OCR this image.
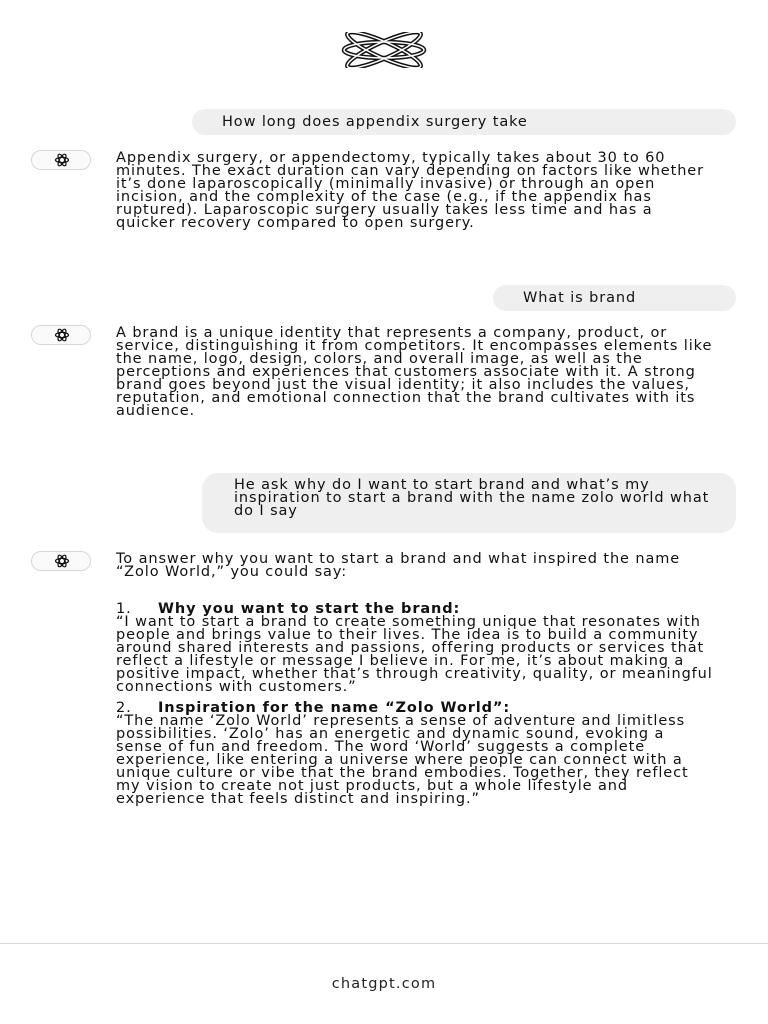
How long does appendix surgery take
Appendix surgery, or appendectomy, typically takes about 30 to 60 minutes. The exact duration can vary depending on factors like whether it’s done laparoscopically (minimally invasive) or through an open incision, and the complexity of the case (e.g., if the appendix has ruptured). Laparoscopic surgery usually takes less time and has a quicker recovery compared to open surgery.
What is brand
A brand is a unique identity that represents a company, product, or service, distinguishing it from competitors. It encompasses elements like the name, logo, design, colors, and overall image, as well as the perceptions and experiences that customers associate with it. A strong brand goes beyond just the visual identity; it also includes the values, reputation, and emotional connection that the brand cultivates with its audience.
He ask why do I want to start brand and what’s my inspiration to start a brand with the name zolo world what do I say

To answer why you want to start a brand and what inspired the name “Zolo World,” you could say:

1. Why you want to start the brand:

“I want to start a brand to create something unique that resonates with people and brings value to their lives. The idea is to build a community around shared interests and passions, offering products or services that reflect a lifestyle or message I believe in. For me, it’s about making a positive impact, whether that’s through creativity, quality, or meaningful connections with customers.”

2. Inspiration for the name “Zolo World”:

“The name ‘Zolo World’ represents a sense of adventure and limitless possibilities. ‘Zolo’ has an energetic and dynamic sound, evoking a sense of fun and freedom. The word ‘World’ suggests a complete experience, like entering a universe where people can connect with a unique culture or vibe that the brand embodies. Together, they reflect my vision to create not just products, but a whole lifestyle and experience that feels distinct and inspiring.”

chatgpt.com
